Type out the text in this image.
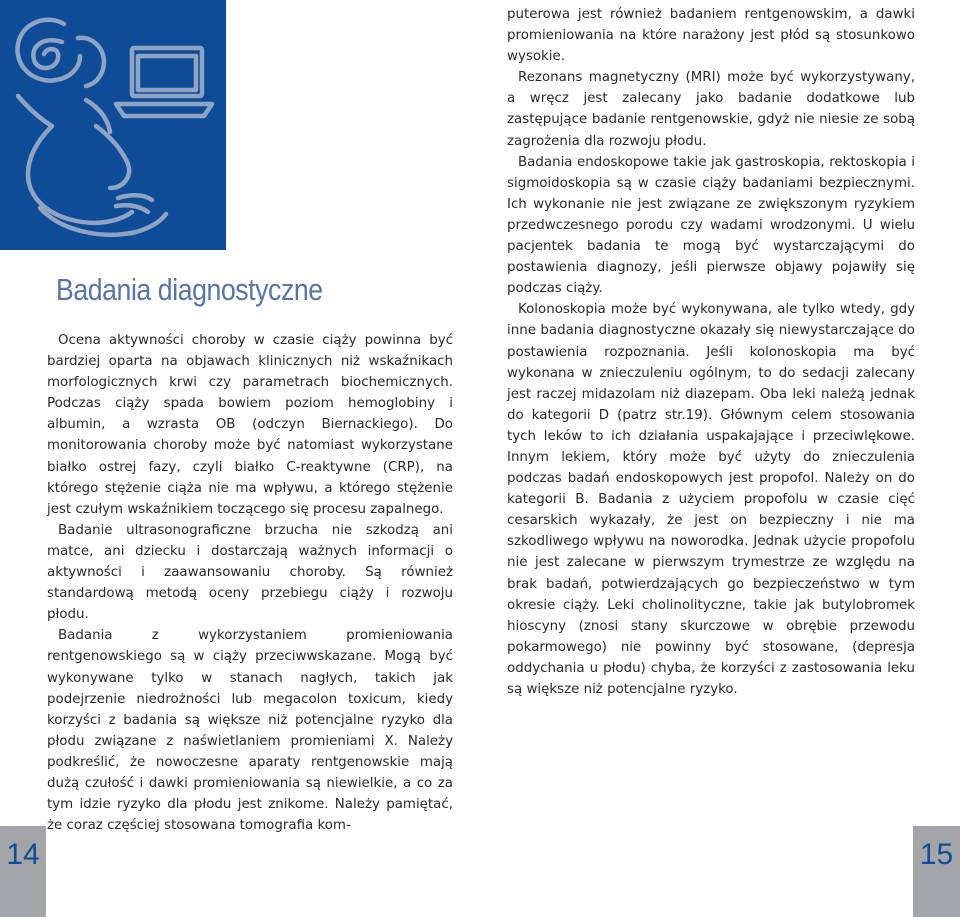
Badania diagnostyczne

Ocena aktywności choroby w czasie ciąży powinna być bardziej oparta na objawach klinicznych niż wskaźnikach morfologicznych krwi czy parametrach biochemicznych. Podczas ciąży spada bowiem poziom hemoglobiny i albumin, a wzrasta OB (odczyn Biernackiego). Do monitorowania choroby może być natomiast wykorzystane białko ostrej fazy, czyli białko C-reaktywne (CRP), na którego stężenie ciąża nie ma wpływu, a którego stężenie jest czułym wskaźnikiem toczącego się procesu zapalnego.

Badanie ultrasonograficzne brzucha nie szkodzą ani matce, ani dziecku i dostarczają ważnych informacji o aktywności i zaawansowaniu choroby. Są również standardową metodą oceny przebiegu ciąży i rozwoju płodu.

Badania z wykorzystaniem promieniowania rentgenowskiego są w ciąży przeciwwskazane. Mogą być wykonywane tylko w stanach nagłych, takich jak podejrzenie niedrożności lub megacolon toxicum, kiedy korzyści z badania są większe niż potencjalne ryzyko dla płodu związane z naświetlaniem promieniami X. Należy podkreślić, że nowoczesne aparaty rentgenowskie mają dużą czułość i dawki promieniowania są niewielkie, a co za tym idzie ryzyko dla płodu jest znikome. Należy pamiętać, że coraz częściej stosowana tomografia kom-

puterowa jest również badaniem rentgenowskim, a dawki promieniowania na które narażony jest płód są stosunkowo wysokie.

Rezonans magnetyczny (MRI) może być wykorzystywany, a wręcz jest zalecany jako badanie dodatkowe lub zastępujące badanie rentgenowskie, gdyż nie niesie ze sobą zagrożenia dla rozwoju płodu.

Badania endoskopowe takie jak gastroskopia, rektoskopia i sigmoidoskopia są w czasie ciąży badaniami bezpiecznymi. Ich wykonanie nie jest związane ze zwiększonym ryzykiem przedwczesnego porodu czy wadami wrodzonymi. U wielu pacjentek badania te mogą być wystarczającymi do postawienia diagnozy, jeśli pierwsze objawy pojawiły się podczas ciąży.

Kolonoskopia może być wykonywana, ale tylko wtedy, gdy inne badania diagnostyczne okazały się niewystarczające do postawienia rozpoznania. Jeśli kolonoskopia ma być wykonana w znieczuleniu ogólnym, to do sedacji zalecany jest raczej midazolam niż diazepam. Oba leki należą jednak do kategorii D (patrz str.19). Głównym celem stosowania tych leków to ich działania uspakajające i przeciwlękowe. Innym lekiem, który może być użyty do znieczulenia podczas badań endoskopowych jest propofol. Należy on do kategorii B. Badania z użyciem propofolu w czasie cięć cesarskich wykazały, że jest on bezpieczny i nie ma szkodliwego wpływu na noworodka. Jednak użycie propofolu nie jest zalecane w pierwszym trymestrze ze względu na brak badań, potwierdzających go bezpieczeństwo w tym okresie ciąży. Leki cholinolityczne, takie jak butylobromek hioscyny (znosi stany skurczowe w obrębie przewodu pokarmowego) nie powinny być stosowane, (depresja oddychania u płodu) chyba, że korzyści z zastosowania leku są większe niż potencjalne ryzyko.

14	15
